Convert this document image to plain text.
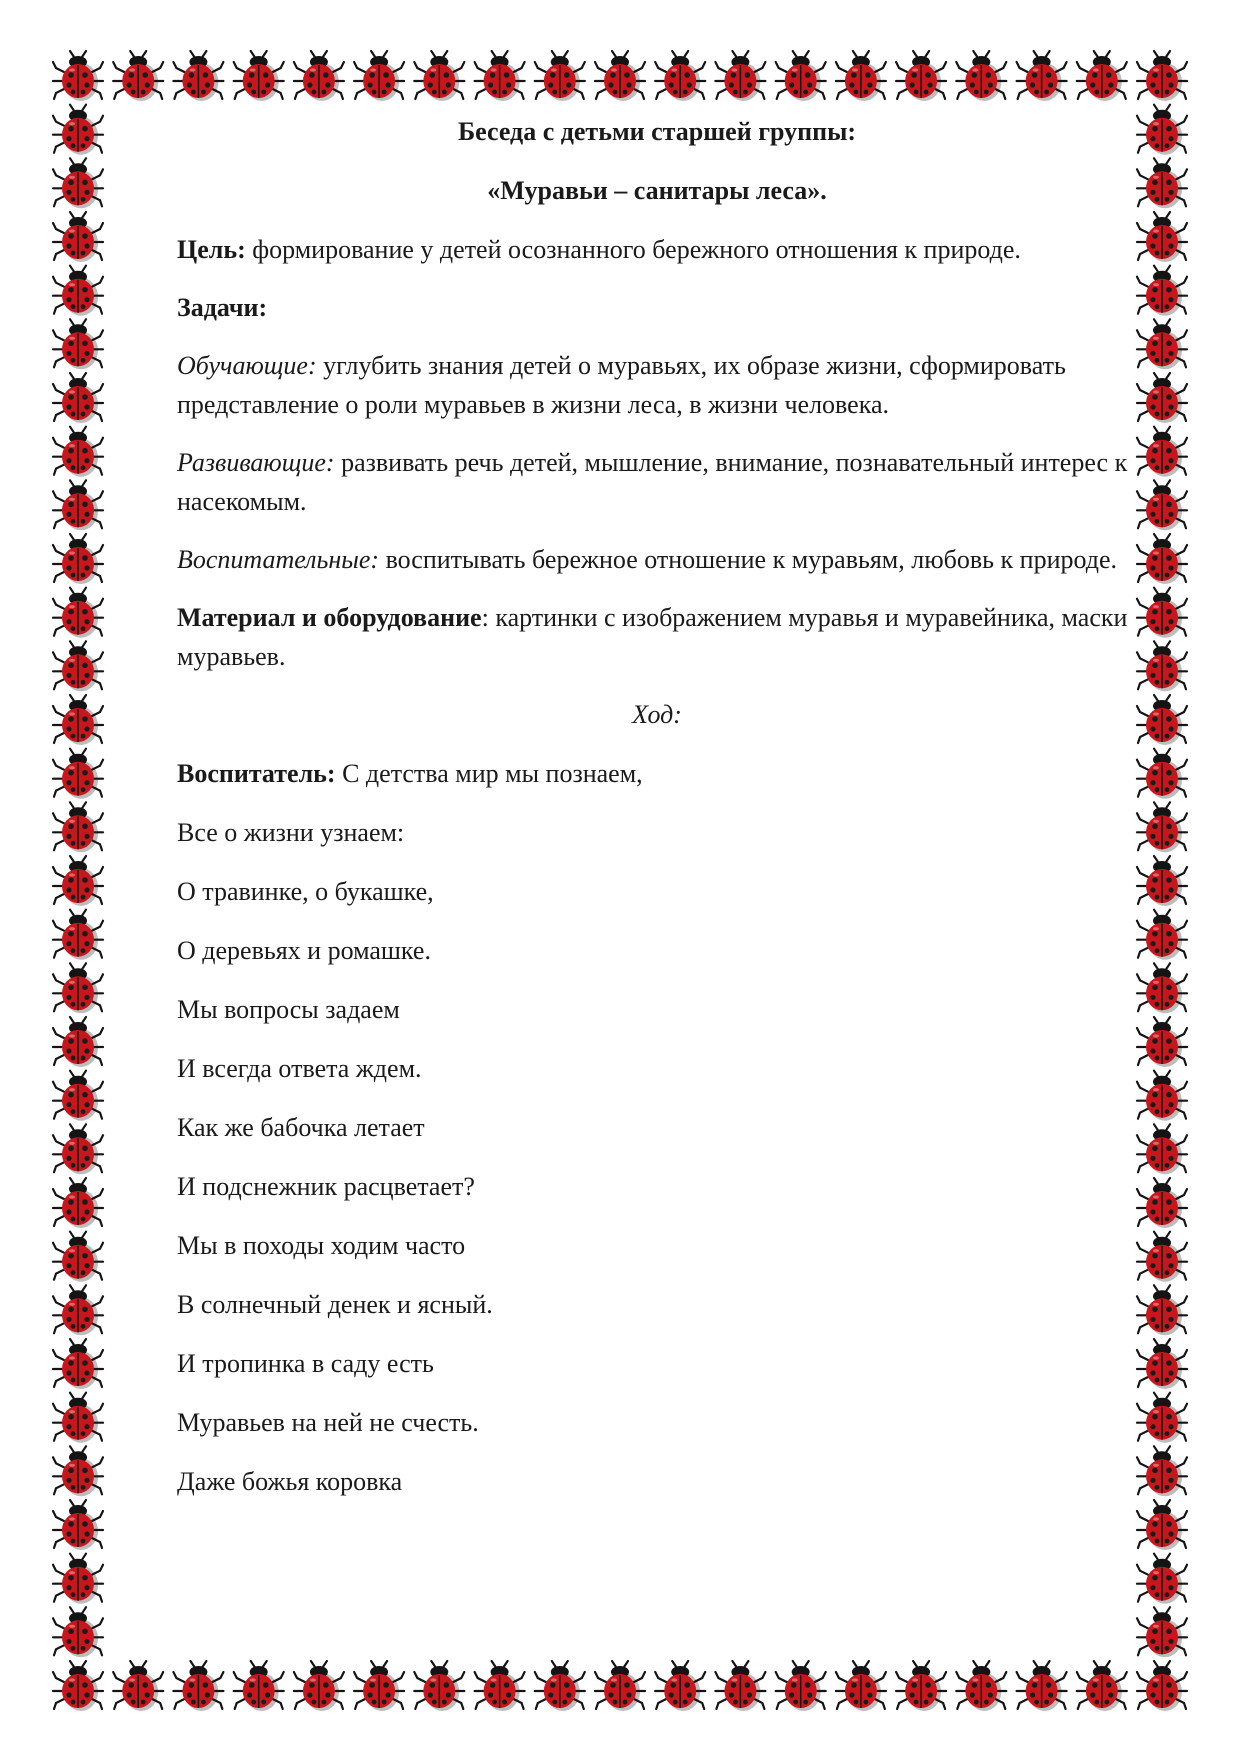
Беседа с детьми старшей группы:

«Муравьи – санитары леса».

Цель: формирование у детей осознанного бережного отношения к природе.

Задачи:

Обучающие: углубить знания детей о муравьях, их образе жизни, сформировать представление о роли муравьев в жизни леса, в жизни человека.

Развивающие: развивать речь детей, мышление, внимание, познавательный интерес к насекомым.

Воспитательные: воспитывать бережное отношение к муравьям, любовь к природе.

Материал и оборудование: картинки с изображением муравья и муравейника, маски муравьев.

Ход:

Воспитатель: С детства мир мы познаем,

Все о жизни узнаем:

О травинке, о букашке,

О деревьях и ромашке.

Мы вопросы задаем

И всегда ответа ждем.

Как же бабочка летает

И подснежник расцветает?

Мы в походы ходим часто

В солнечный денек и ясный.

И тропинка в саду есть

Муравьев на ней не счесть.

Даже божья коровка
